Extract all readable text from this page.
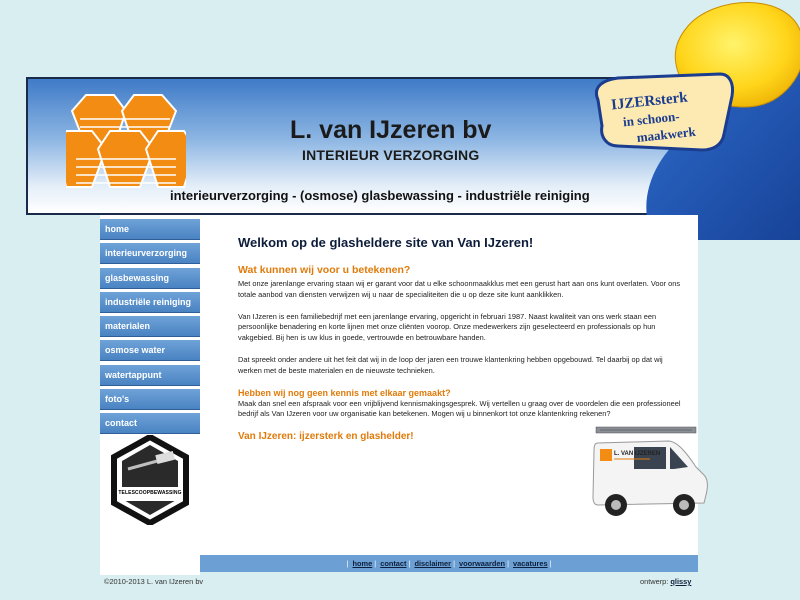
L. van IJzeren bv
INTERIEUR VERZORGING
interieurverzorging - (osmose) glasbewassing - industriële reiniging
IJZERsterk
in schoon-
maakwerk
home
interieurverzorging
glasbewassing
industriële reiniging
materialen
osmose water
watertappunt
foto's
contact
TELESCOOPBEWASSING
Welkom op de glasheldere site van Van IJzeren!
Wat kunnen wij voor u betekenen?

Met onze jarenlange ervaring staan wij er garant voor dat u elke schoonmaakklus met een gerust hart aan ons kunt overlaten. Voor ons totale aanbod van diensten verwijzen wij u naar de specialiteiten die u op deze site kunt aanklikken.

Van IJzeren is een familiebedrijf met een jarenlange ervaring, opgericht in februari 1987. Naast kwaliteit van ons werk staan een persoonlijke benadering en korte lijnen met onze cliënten voorop. Onze medewerkers zijn geselecteerd en professionals op hun vakgebied. Bij hen is uw klus in goede, vertrouwde en betrouwbare handen.

Dat spreekt onder andere uit het feit dat wij in de loop der jaren een trouwe klantenkring hebben opgebouwd. Tel daarbij op dat wij werken met de beste materialen en de nieuwste technieken.

Hebben wij nog geen kennis met elkaar gemaakt?

Maak dan snel een afspraak voor een vrijblijvend kennismakingsgesprek. Wij vertellen u graag over de voordelen die een professioneel bedrijf als Van IJzeren voor uw organisatie kan betekenen. Mogen wij u binnenkort tot onze klantenkring rekenen?

Van IJzeren: ijzersterk en glashelder!
L. VAN IJZEREN
| home | contact | disclaimer | voorwaarden | vacatures |
©2010-2013 L. van IJzeren bv	ontwerp: qlissy
